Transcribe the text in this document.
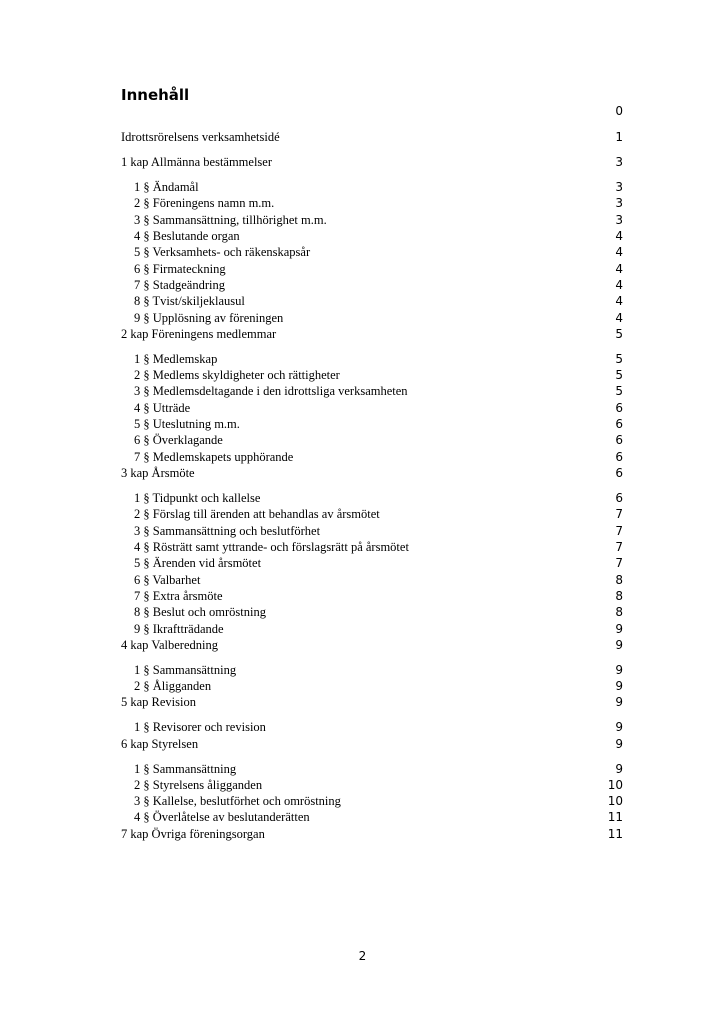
Innehåll
0
Idrottsrörelsens verksamhetsidé	1
1 kap Allmänna bestämmelser	3
1 § Ändamål	3
2 § Föreningens namn m.m.	3
3 § Sammansättning, tillhörighet m.m.	3
4 § Beslutande organ	4
5 § Verksamhets- och räkenskapsår	4
6 § Firmateckning	4
7 § Stadgeändring	4
8 § Tvist/skiljeklausul	4
9 § Upplösning av föreningen	4
2 kap Föreningens medlemmar	5
1 § Medlemskap	5
2 § Medlems skyldigheter och rättigheter	5
3 § Medlemsdeltagande i den idrottsliga verksamheten	5
4 § Utträde	6
5 § Uteslutning m.m.	6
6 § Överklagande	6
7 § Medlemskapets upphörande	6
3 kap Årsmöte	6
1 § Tidpunkt och kallelse	6
2 § Förslag till ärenden att behandlas av årsmötet	7
3 § Sammansättning och beslutförhet	7
4 § Rösträtt samt yttrande- och förslagsrätt på årsmötet	7
5 § Ärenden vid årsmötet	7
6 § Valbarhet	8
7 § Extra årsmöte	8
8 § Beslut och omröstning	8
9 § Ikraftträdande	9
4 kap Valberedning	9
1 § Sammansättning	9
2 § Åligganden	9
5 kap Revision	9
1 § Revisorer och revision	9
6 kap Styrelsen	9
1 § Sammansättning	9
2 § Styrelsens åligganden	10
3 § Kallelse, beslutförhet och omröstning	10
4 § Överlåtelse av beslutanderätten	11
7 kap Övriga föreningsorgan	11
2
